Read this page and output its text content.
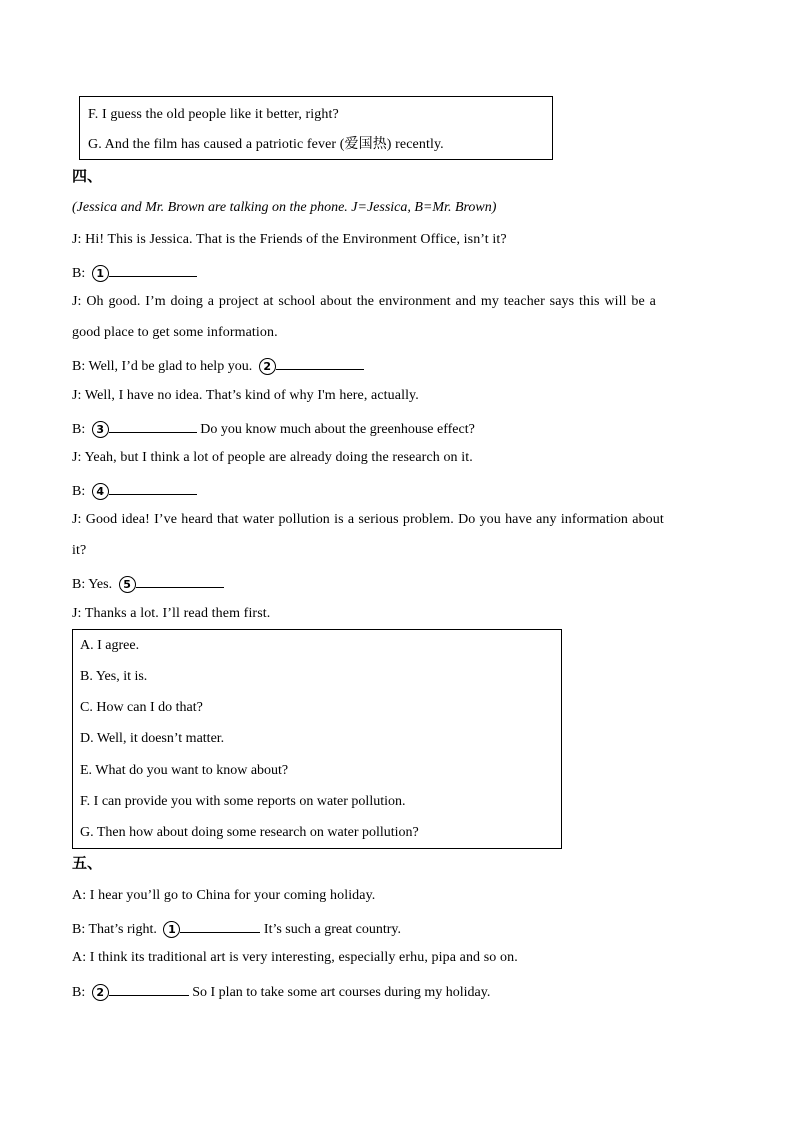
F. I guess the old people like it better, right?
G. And the film has caused a patriotic fever (爱国热) recently.
四、
(Jessica and Mr. Brown are talking on the phone. J=Jessica, B=Mr. Brown)
J: Hi! This is Jessica. That is the Friends of the Environment Office, isn’t it?
B: 1
J: Oh good. I’m doing a project at school about the environment and my teacher says this will be a
good place to get some information.
B: Well, I’d be glad to help you. 2
J: Well, I have no idea. That’s kind of why I'm here, actually.
B: 3	Do you know much about the greenhouse effect?
J: Yeah, but I think a lot of people are already doing the research on it.
B: 4
J: Good idea! I’ve heard that water pollution is a serious problem. Do you have any information about
it?
B: Yes. 5
J: Thanks a lot. I’ll read them first.
A. I agree.
B. Yes, it is.
C. How can I do that?
D. Well, it doesn’t matter.
E. What do you want to know about?
F. I can provide you with some reports on water pollution.
G. Then how about doing some research on water pollution?
五、
A: I hear you’ll go to China for your coming holiday.
B: That’s right. 1	It’s such a great country.
A: I think its traditional art is very interesting, especially erhu, pipa and so on.
B: 2	So I plan to take some art courses during my holiday.
